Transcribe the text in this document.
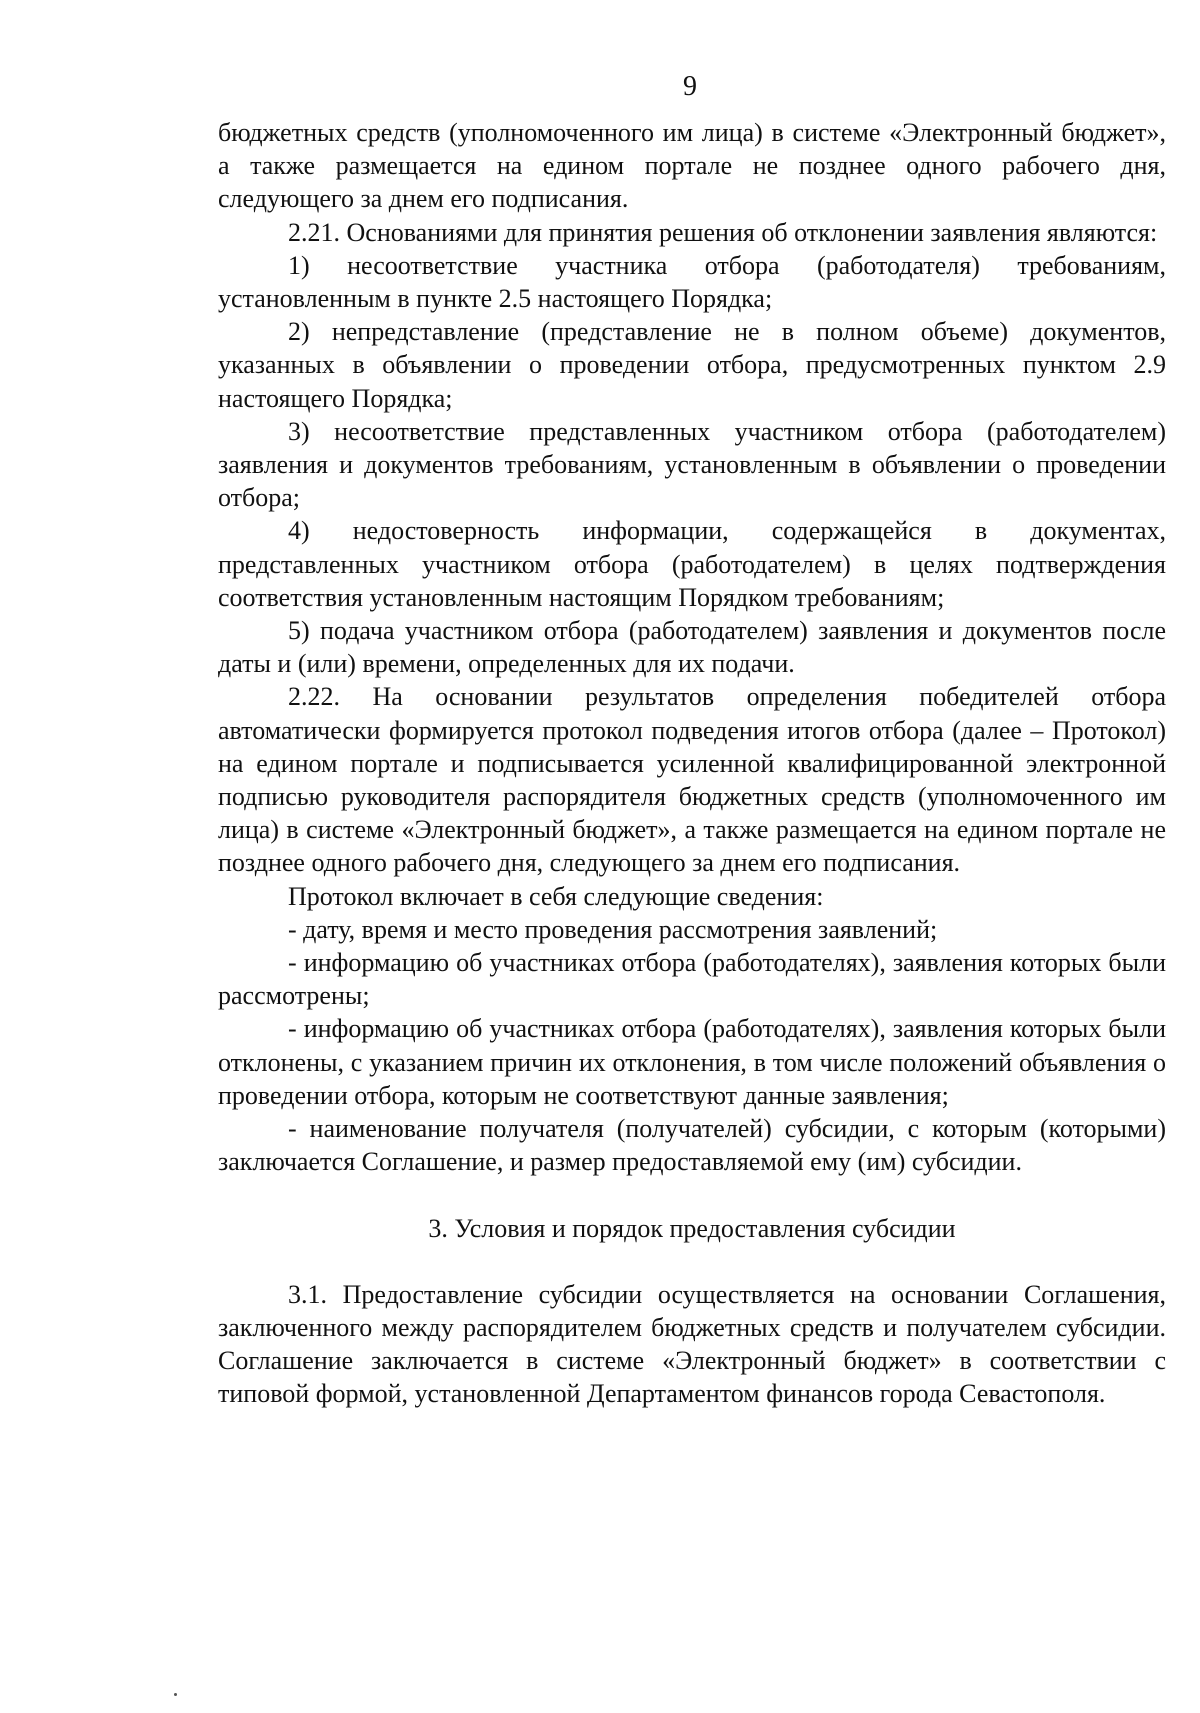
9

бюджетных средств (уполномоченного им лица) в системе «Электронный бюджет», а также размещается на едином портале не позднее одного рабочего дня, следующего за днем его подписания.

2.21. Основаниями для принятия решения об отклонении заявления являются:

1) несоответствие участника отбора (работодателя) требованиям, установленным в пункте 2.5 настоящего Порядка;

2) непредставление (представление не в полном объеме) документов, указанных в объявлении о проведении отбора, предусмотренных пунктом 2.9 настоящего Порядка;

3) несоответствие представленных участником отбора (работодателем) заявления и документов требованиям, установленным в объявлении о проведении отбора;

4) недостоверность информации, содержащейся в документах, представленных участником отбора (работодателем) в целях подтверждения соответствия установленным настоящим Порядком требованиям;

5) подача участником отбора (работодателем) заявления и документов после даты и (или) времени, определенных для их подачи.

2.22. На основании результатов определения победителей отбора автоматически формируется протокол подведения итогов отбора (далее – Протокол) на едином портале и подписывается усиленной квалифицированной электронной подписью руководителя распорядителя бюджетных средств (уполномоченного им лица) в системе «Электронный бюджет», а также размещается на едином портале не позднее одного рабочего дня, следующего за днем его подписания.

Протокол включает в себя следующие сведения:

- дату, время и место проведения рассмотрения заявлений;

- информацию об участниках отбора (работодателях), заявления которых были рассмотрены;

- информацию об участниках отбора (работодателях), заявления которых были отклонены, с указанием причин их отклонения, в том числе положений объявления о проведении отбора, которым не соответствуют данные заявления;

- наименование получателя (получателей) субсидии, с которым (которыми) заключается Соглашение, и размер предоставляемой ему (им) субсидии.

3. Условия и порядок предоставления субсидии

3.1. Предоставление субсидии осуществляется на основании Соглашения, заключенного между распорядителем бюджетных средств и получателем субсидии. Соглашение заключается в системе «Электронный бюджет» в соответствии с типовой формой, установленной Департаментом финансов города Севастополя.
